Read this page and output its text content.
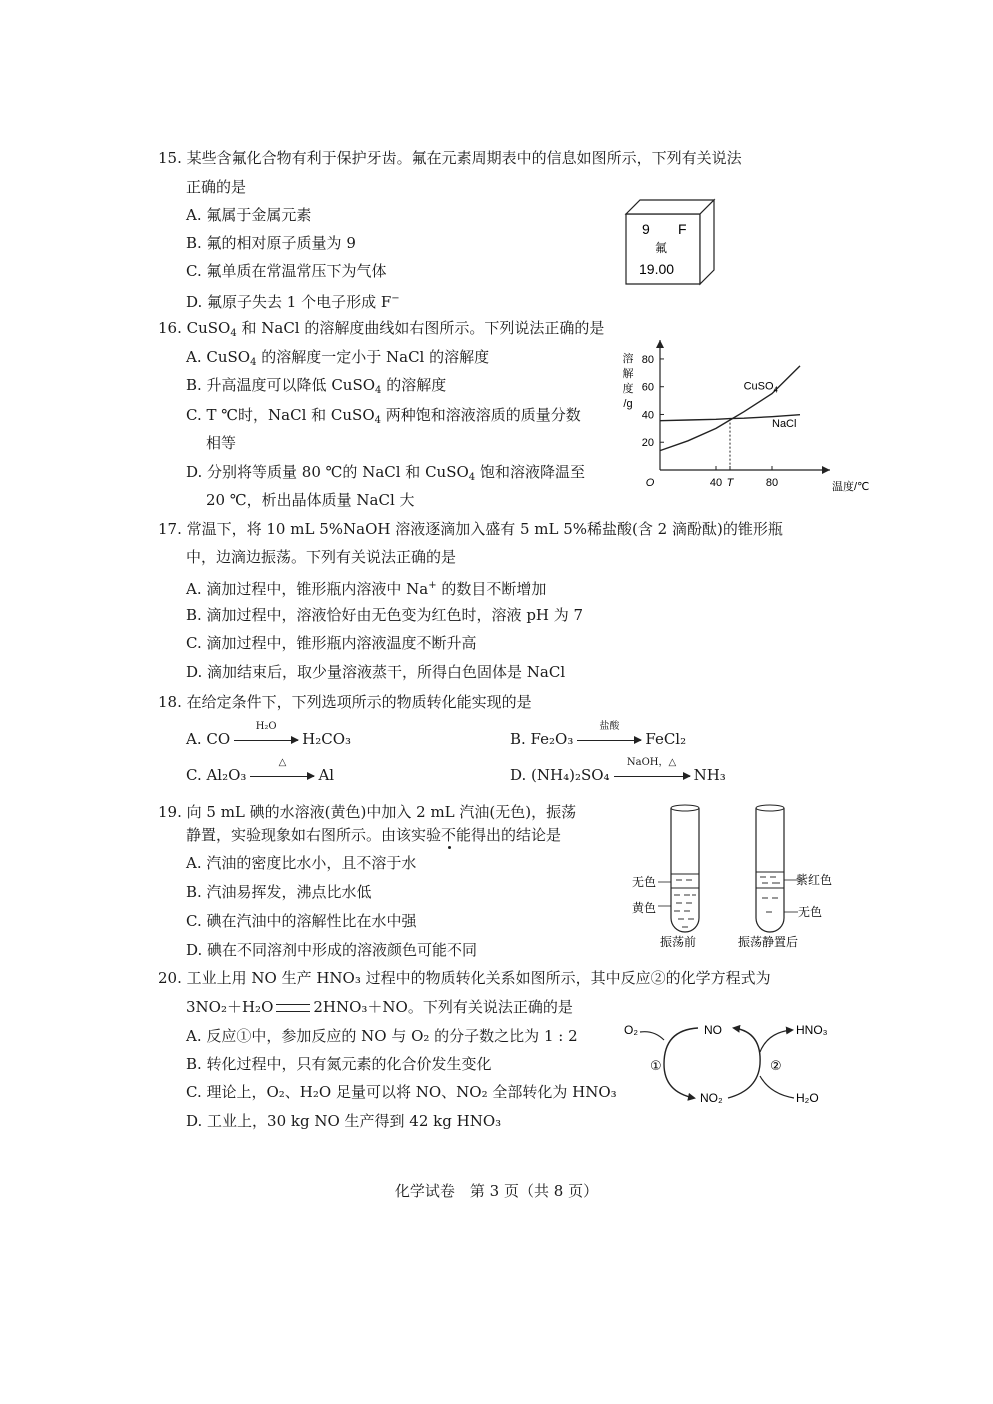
15. 某些含氟化合物有利于保护牙齿。氟在元素周期表中的信息如图所示，下列有关说法
正确的是
A. 氟属于金属元素
B. 氟的相对原子质量为 9
C. 氟单质在常温常压下为气体
D. 氟原子失去 1 个电子形成 F−
9 F
氟
19.00
16. CuSO$_4$ 和 NaCl 的溶解度曲线如右图所示。下列说法正确的是
A. CuSO$_4$ 的溶解度一定小于 NaCl 的溶解度
B. 升高温度可以降低 CuSO$_4$ 的溶解度
C. T ℃时，NaCl 和 CuSO$_4$ 两种饱和溶液溶质的质量分数
相等
D. 分别将等质量 80 ℃的 NaCl 和 CuSO$_4$ 饱和溶液降温至
20 ℃，析出晶体质量 NaCl 大
20
40
60
80
40 T	80
O
溶
解
度
/g
温度/℃
CuSO$_4$
NaCl
17. 常温下，将 10 mL 5%NaOH 溶液逐滴加入盛有 5 mL 5%稀盐酸(含 2 滴酚酞)的锥形瓶
中，边滴边振荡。下列有关说法正确的是
A. 滴加过程中，锥形瓶内溶液中 Na+ 的数目不断增加
B. 滴加过程中，溶液恰好由无色变为红色时，溶液 pH 为 7
C. 滴加过程中，锥形瓶内溶液温度不断升高
D. 滴加结束后，取少量溶液蒸干，所得白色固体是 NaCl
18. 在给定条件下，下列选项所示的物质转化能实现的是
A. CO
H₂O
H₂CO₃	B. Fe₂O₃
盐酸
FeCl₂
C. Al₂O₃
△
Al	D. (NH₄)₂SO₄
NaOH，△
NH₃
19. 向 5 mL 碘的水溶液(黄色)中加入 2 mL 汽油(无色)，振荡
静置，实验现象如右图所示。由该实验不能得出的结论是
A. 汽油的密度比水小，且不溶于水
B. 汽油易挥发，沸点比水低
C. 碘在汽油中的溶解性比在水中强
D. 碘在不同溶剂中形成的溶液颜色可能不同
无色
黄色
振荡前
紫红色
无色
振荡静置后
20. 工业上用 NO 生产 HNO₃ 过程中的物质转化关系如图所示，其中反应②的化学方程式为
3NO₂＋H₂O	2HNO₃＋NO。下列有关说法正确的是
A. 反应①中，参加反应的 NO 与 O₂ 的分子数之比为 1 : 2
B. 转化过程中，只有氮元素的化合价发生变化
C. 理论上，O₂、H₂O 足量可以将 NO、NO₂ 全部转化为 HNO₃
D. 工业上，30 kg NO 生产得到 42 kg HNO₃
O₂	NO	HNO₃
NO₂	H₂O
①	②
化学试卷　第 3 页（共 8 页）
